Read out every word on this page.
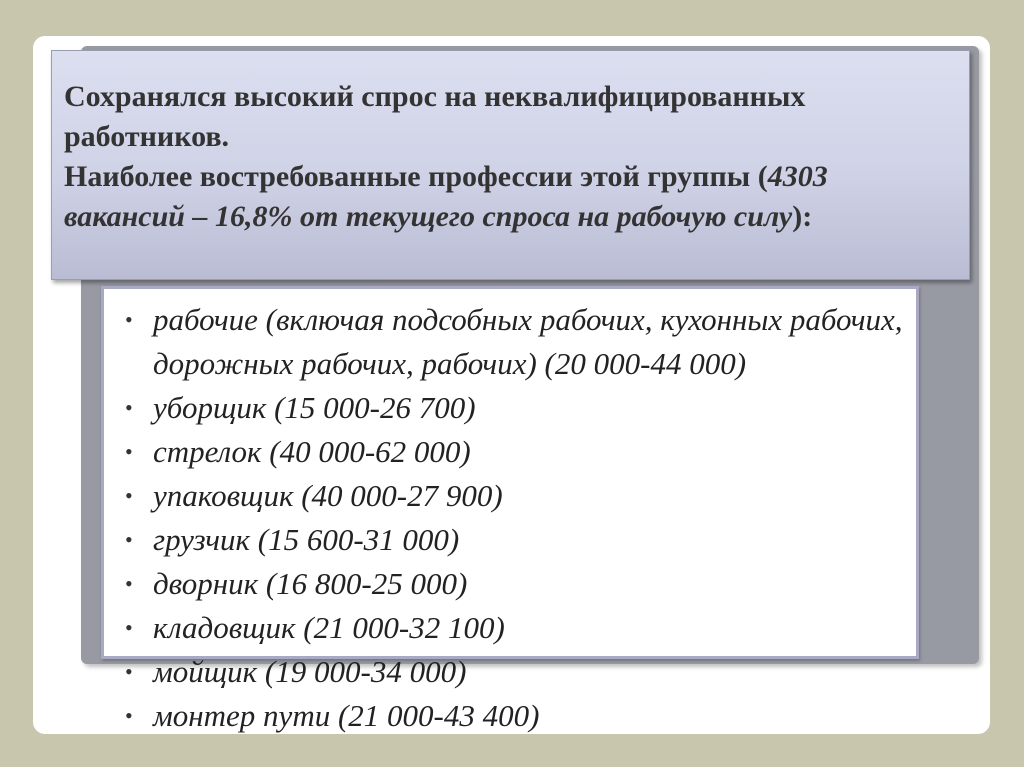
Сохранялся высокий спрос на неквалифицированных
работников.
Наиболее востребованные профессии этой группы (4303 вакансий – 16,8% от текущего спроса на рабочую силу):
• рабочие (включая подсобных рабочих, кухонных рабочих, дорожных рабочих, рабочих) (20 000-44 000)
• уборщик (15 000-26 700)
• стрелок (40 000-62 000)
• упаковщик (40 000-27 900)
• грузчик (15 600-31 000)
• дворник (16 800-25 000)
• кладовщик (21 000-32 100)
• мойщик (19 000-34 000)
• монтер пути (21 000-43 400)
